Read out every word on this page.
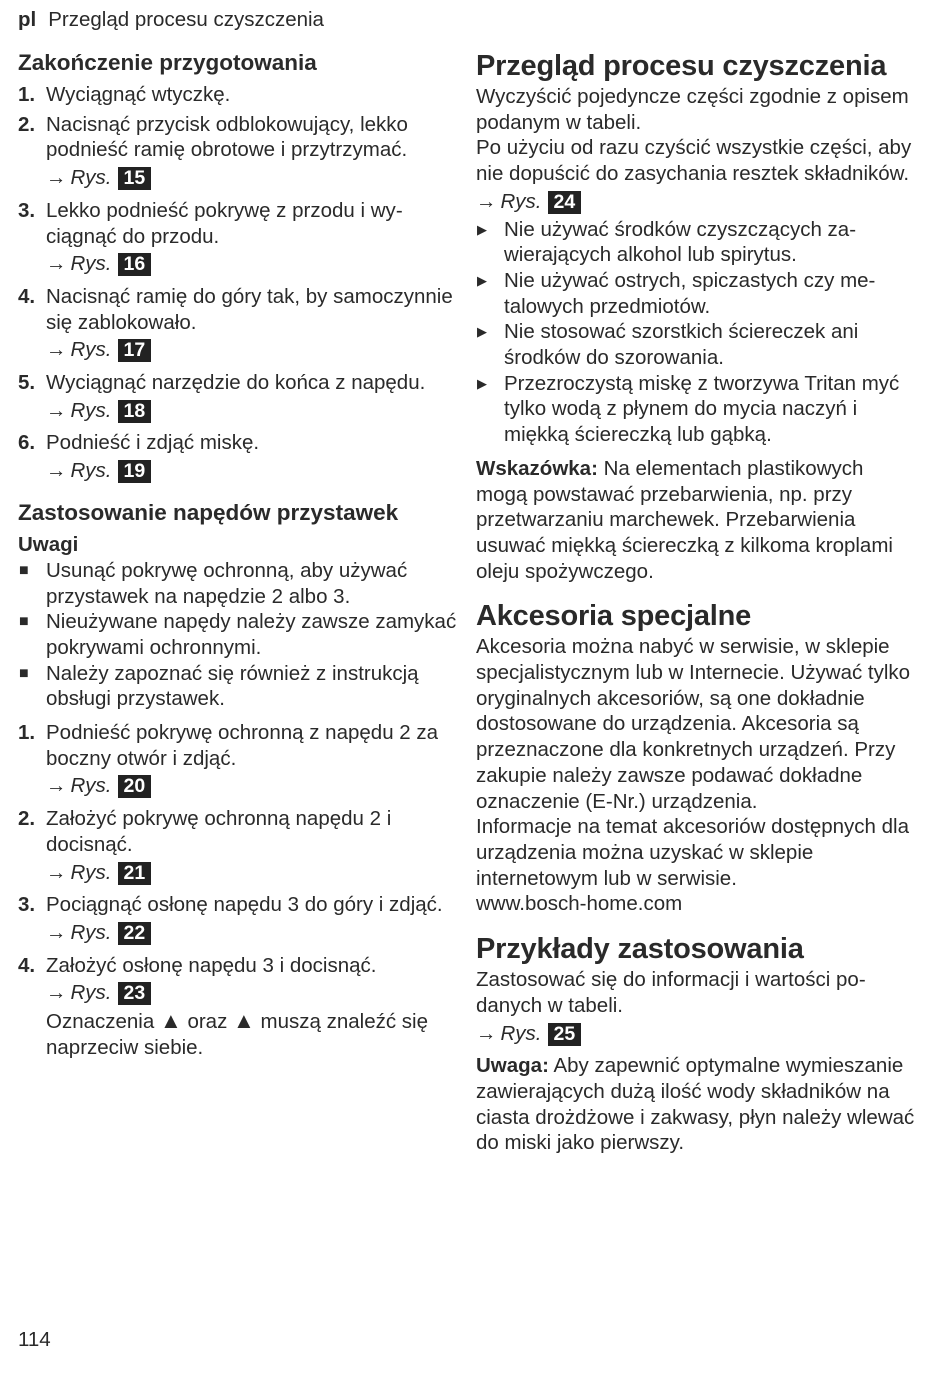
pl Przegląd procesu czyszczenia
Zakończenie przygotowania
1. Wyciągnąć wtyczkę.
2. Nacisnąć przycisk odblokowujący, lekko podnieść ramię obrotowe i przytrzymać.
→ Rys. 15
3. Lekko podnieść pokrywę z przodu i wyciągnąć do przodu.
→ Rys. 16
4. Nacisnąć ramię do góry tak, by samoczynnie się zablokowało.
→ Rys. 17
5. Wyciągnąć narzędzie do końca z napędu.
→ Rys. 18
6. Podnieść i zdjąć miskę.
→ Rys. 19
Zastosowanie napędów przystawek
Uwagi
■ Usunąć pokrywę ochronną, aby używać przystawek na napędzie 2 albo 3.
■ Nieużywane napędy należy zawsze zamykać pokrywami ochronnymi.
■ Należy zapoznać się również z instrukcją obsługi przystawek.
1. Podnieść pokrywę ochronną z napędu 2 za boczny otwór i zdjąć.
→ Rys. 20
2. Założyć pokrywę ochronną napędu 2 i docisnąć.
→ Rys. 21
3. Pociągnąć osłonę napędu 3 do góry i zdjąć.
→ Rys. 22
4. Założyć osłonę napędu 3 i docisnąć.
→ Rys. 23
Oznaczenia ▲ oraz ▲ muszą znaleźć się naprzeciw siebie.
Przegląd procesu czyszczenia
Wyczyścić pojedyncze części zgodnie z opisem podanym w tabeli.
Po użyciu od razu czyścić wszystkie części, aby nie dopuścić do zasychania resztek składników.
→ Rys. 24
▶ Nie używać środków czyszczących zawierających alkohol lub spirytus.
▶ Nie używać ostrych, spiczastych czy metalowych przedmiotów.
▶ Nie stosować szorstkich ściereczek ani środków do szorowania.
▶ Przezroczystą miskę z tworzywa Tritan myć tylko wodą z płynem do mycia naczyń i miękką ściereczką lub gąbką.
Wskazówka: Na elementach plastikowych mogą powstawać przebarwienia, np. przy przetwarzaniu marchewek. Przebarwienia usuwać miękką ściereczką z kilkoma kroplami oleju spożywczego.
Akcesoria specjalne
Akcesoria można nabyć w serwisie, w sklepie specjalistycznym lub w Internecie. Używać tylko oryginalnych akcesoriów, są one dokładnie dostosowane do urządzenia. Akcesoria są przeznaczone dla konkretnych urządzeń. Przy zakupie należy zawsze podawać dokładne oznaczenie (E-Nr.) urządzenia.
Informacje na temat akcesoriów dostępnych dla urządzenia można uzyskać w sklepie internetowym lub w serwisie.
www.bosch-home.com
Przykłady zastosowania
Zastosować się do informacji i wartości podanych w tabeli.
→ Rys. 25
Uwaga: Aby zapewnić optymalne wymieszanie zawierających dużą ilość wody składników na ciasta drożdżowe i zakwasy, płyn należy wlewać do miski jako pierwszy.
114
